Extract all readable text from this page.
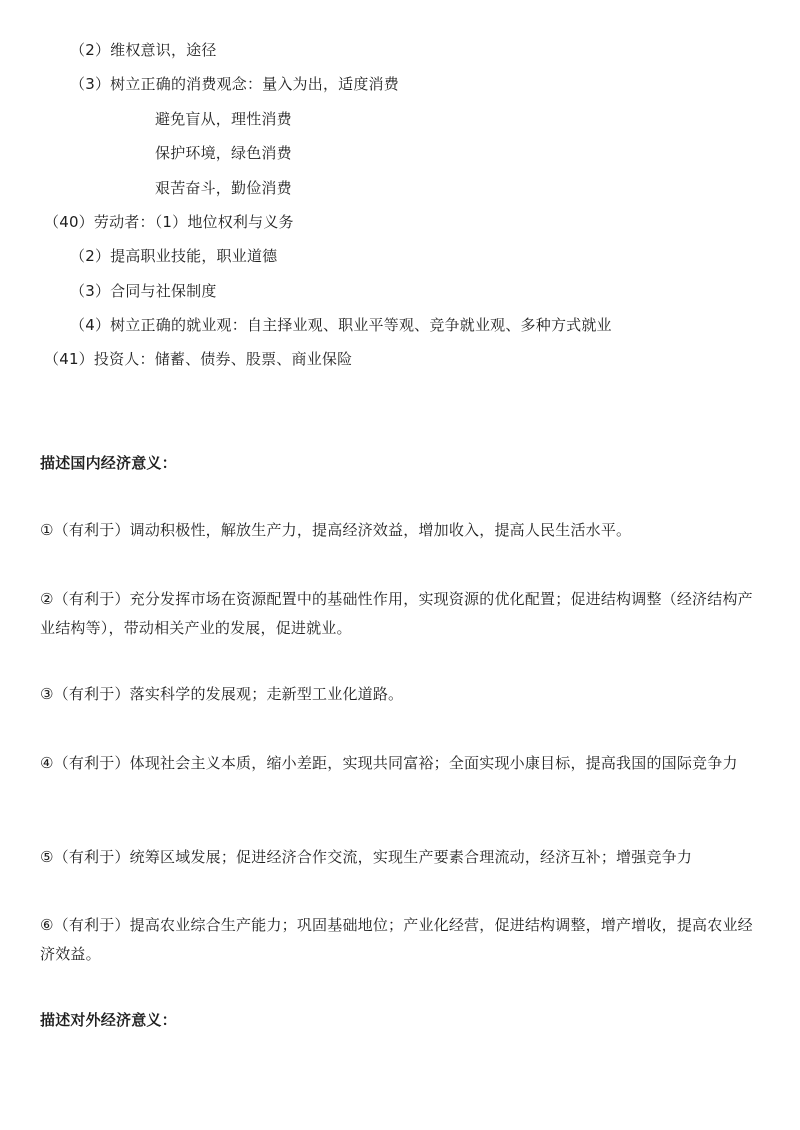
（2）维权意识，途径
（3）树立正确的消费观念：量入为出，适度消费
避免盲从，理性消费
保护环境，绿色消费
艰苦奋斗，勤俭消费
（40）劳动者：（1）地位权利与义务
（2）提高职业技能，职业道德
（3）合同与社保制度
（4）树立正确的就业观：自主择业观、职业平等观、竞争就业观、多种方式就业
（41）投资人：储蓄、债券、股票、商业保险
描述国内经济意义：
①（有利于）调动积极性，解放生产力，提高经济效益，增加收入，提高人民生活水平。
②（有利于）充分发挥市场在资源配置中的基础性作用，实现资源的优化配置；促进结构调整（经济结构产业结构等），带动相关产业的发展，促进就业。
③（有利于）落实科学的发展观；走新型工业化道路。
④（有利于）体现社会主义本质，缩小差距，实现共同富裕；全面实现小康目标，提高我国的国际竞争力
⑤（有利于）统筹区域发展；促进经济合作交流，实现生产要素合理流动，经济互补；增强竞争力
⑥（有利于）提高农业综合生产能力；巩固基础地位；产业化经营，促进结构调整，增产增收，提高农业经济效益。
描述对外经济意义：
